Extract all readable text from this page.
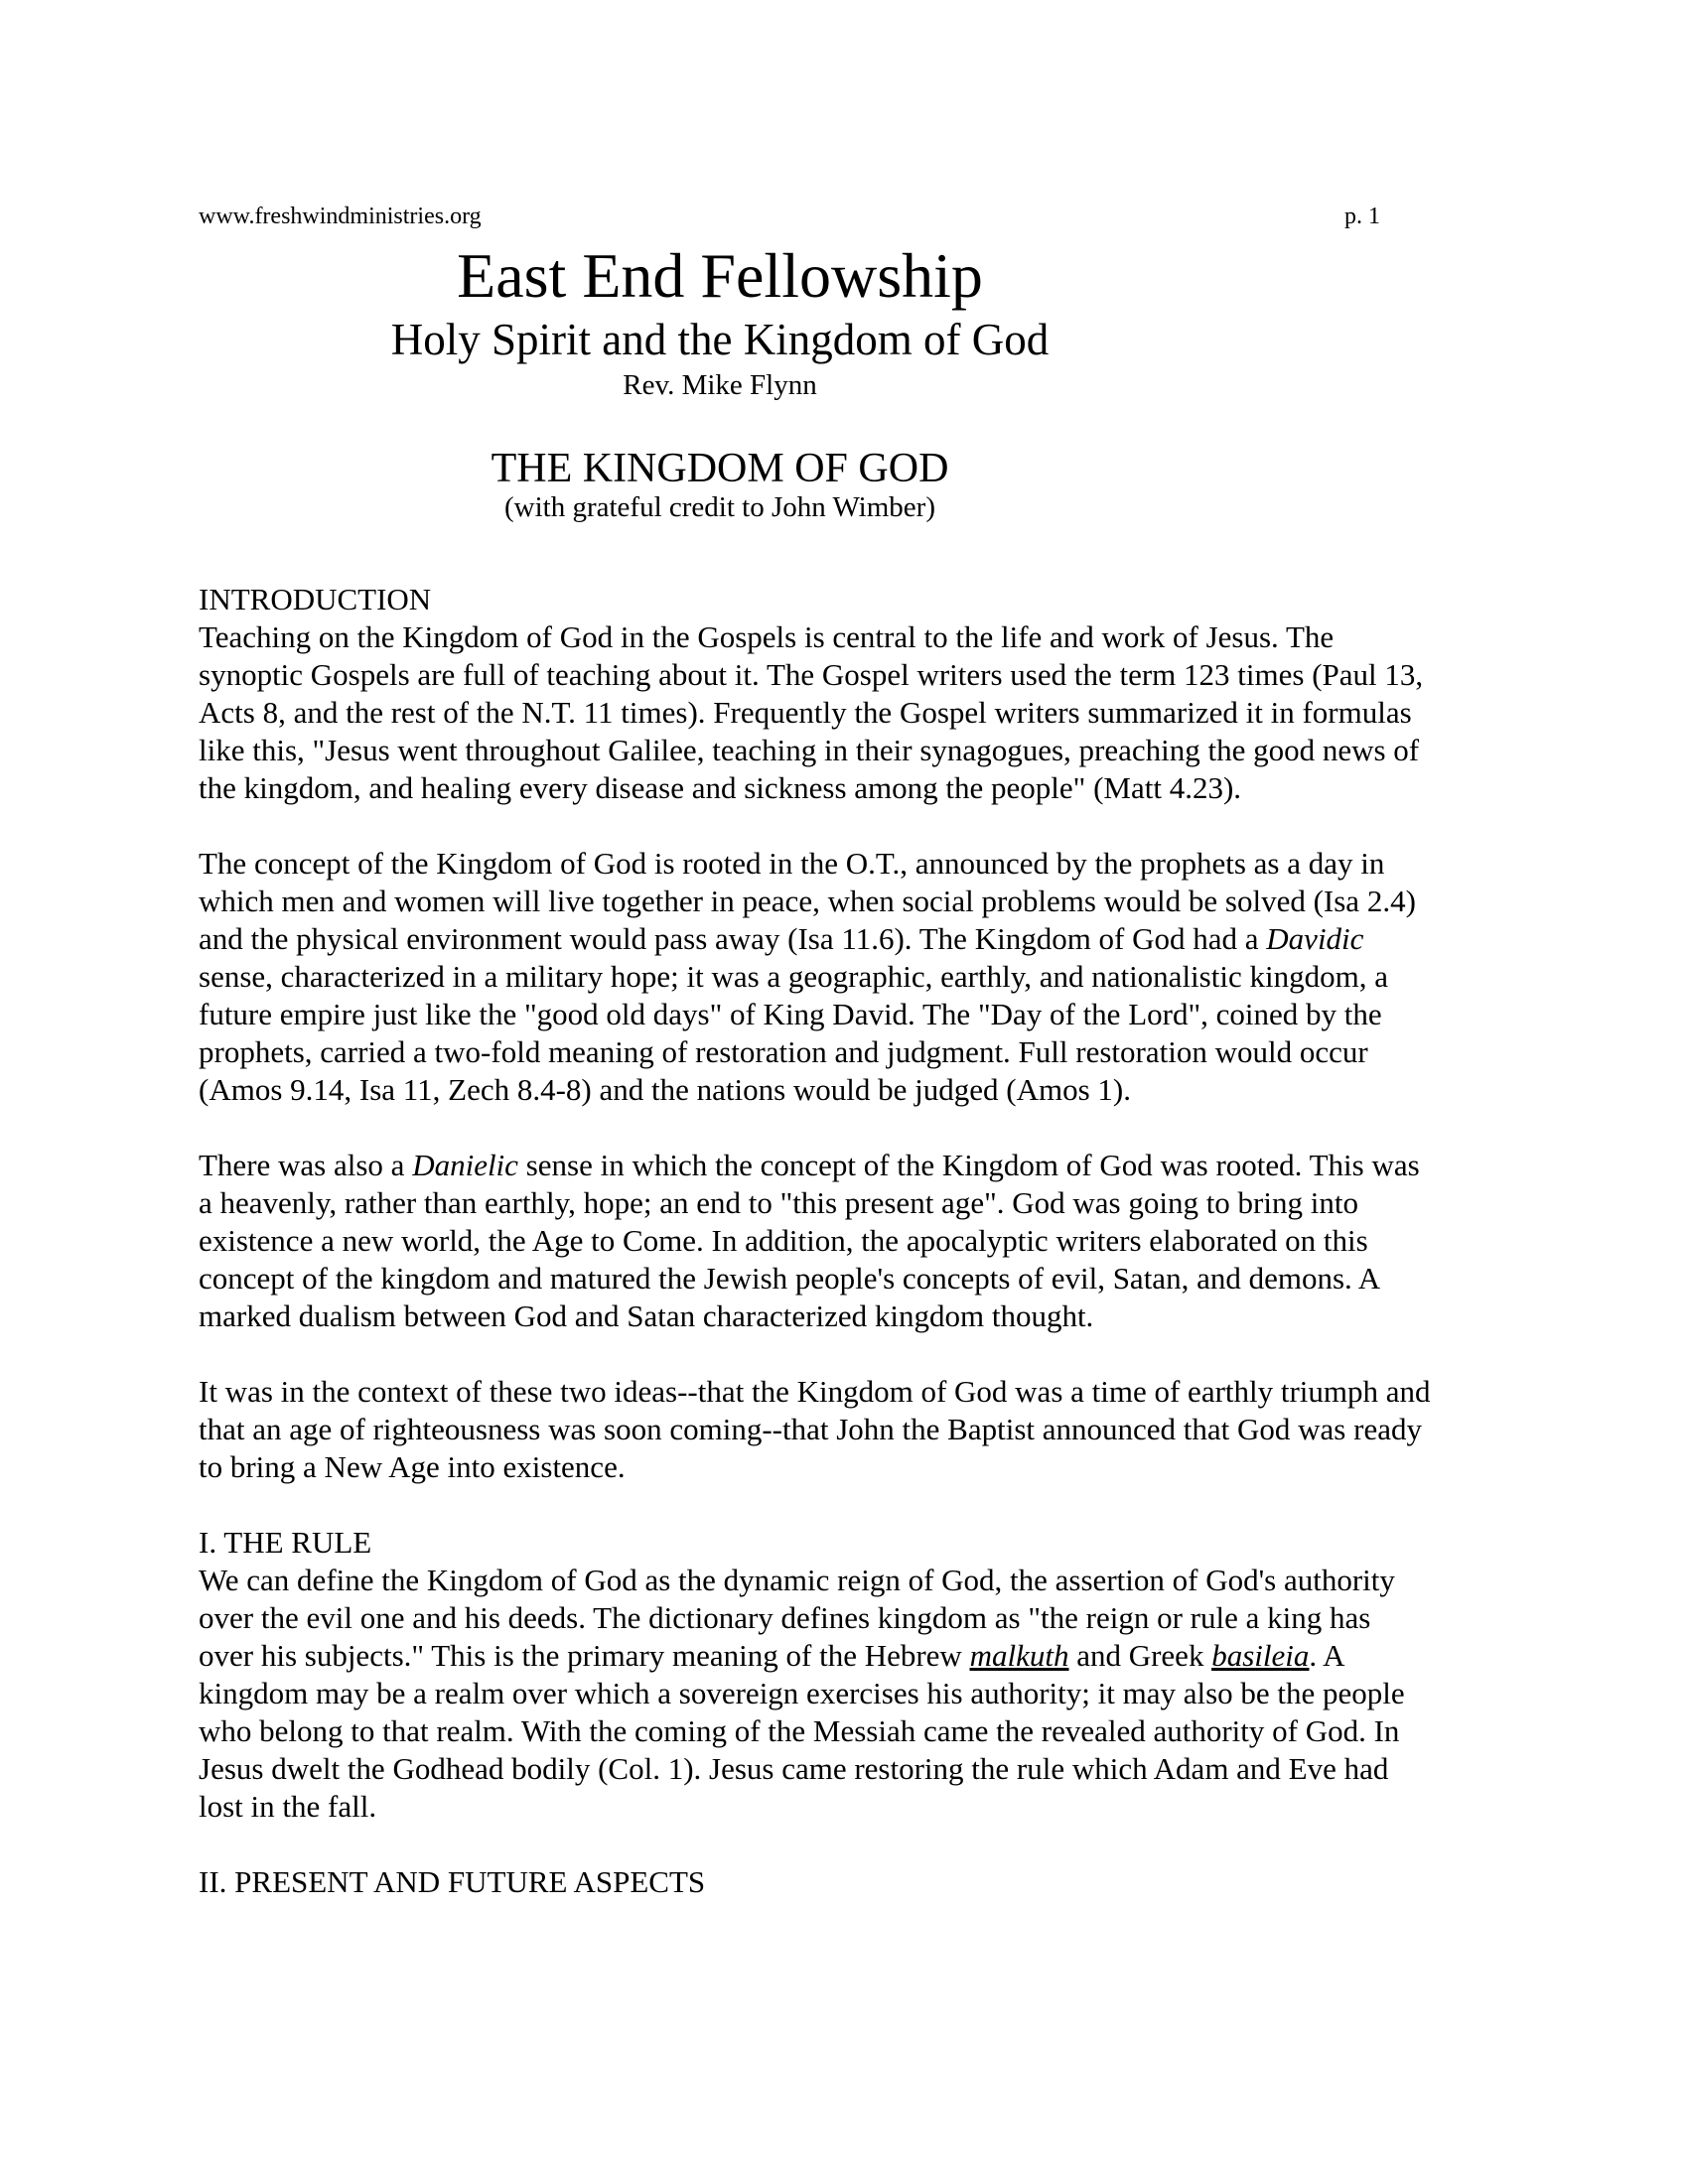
www.freshwindministries.org	p. 1
East End Fellowship
Holy Spirit and the Kingdom of God
Rev. Mike Flynn
THE KINGDOM OF GOD
(with grateful credit to John Wimber)
INTRODUCTION
Teaching on the Kingdom of God in the Gospels is central to the life and work of Jesus. The
synoptic Gospels are full of teaching about it. The Gospel writers used the term 123 times (Paul 13,
Acts 8, and the rest of the N.T. 11 times). Frequently the Gospel writers summarized it in formulas
like this, "Jesus went throughout Galilee, teaching in their synagogues, preaching the good news of
the kingdom, and healing every disease and sickness among the people" (Matt 4.23).
The concept of the Kingdom of God is rooted in the O.T., announced by the prophets as a day in
which men and women will live together in peace, when social problems would be solved (Isa 2.4)
and the physical environment would pass away (Isa 11.6). The Kingdom of God had a Davidic
sense, characterized in a military hope; it was a geographic, earthly, and nationalistic kingdom, a
future empire just like the "good old days" of King David. The "Day of the Lord", coined by the
prophets, carried a two-fold meaning of restoration and judgment. Full restoration would occur
(Amos 9.14, Isa 11, Zech 8.4-8) and the nations would be judged (Amos 1).
There was also a Danielic sense in which the concept of the Kingdom of God was rooted. This was
a heavenly, rather than earthly, hope; an end to "this present age". God was going to bring into
existence a new world, the Age to Come. In addition, the apocalyptic writers elaborated on this
concept of the kingdom and matured the Jewish people's concepts of evil, Satan, and demons. A
marked dualism between God and Satan characterized kingdom thought.
It was in the context of these two ideas--that the Kingdom of God was a time of earthly triumph and
that an age of righteousness was soon coming--that John the Baptist announced that God was ready
to bring a New Age into existence.
I. THE RULE
We can define the Kingdom of God as the dynamic reign of God, the assertion of God's authority
over the evil one and his deeds. The dictionary defines kingdom as "the reign or rule a king has
over his subjects." This is the primary meaning of the Hebrew malkuth and Greek basileia. A
kingdom may be a realm over which a sovereign exercises his authority; it may also be the people
who belong to that realm. With the coming of the Messiah came the revealed authority of God. In
Jesus dwelt the Godhead bodily (Col. 1). Jesus came restoring the rule which Adam and Eve had
lost in the fall.
II. PRESENT AND FUTURE ASPECTS
